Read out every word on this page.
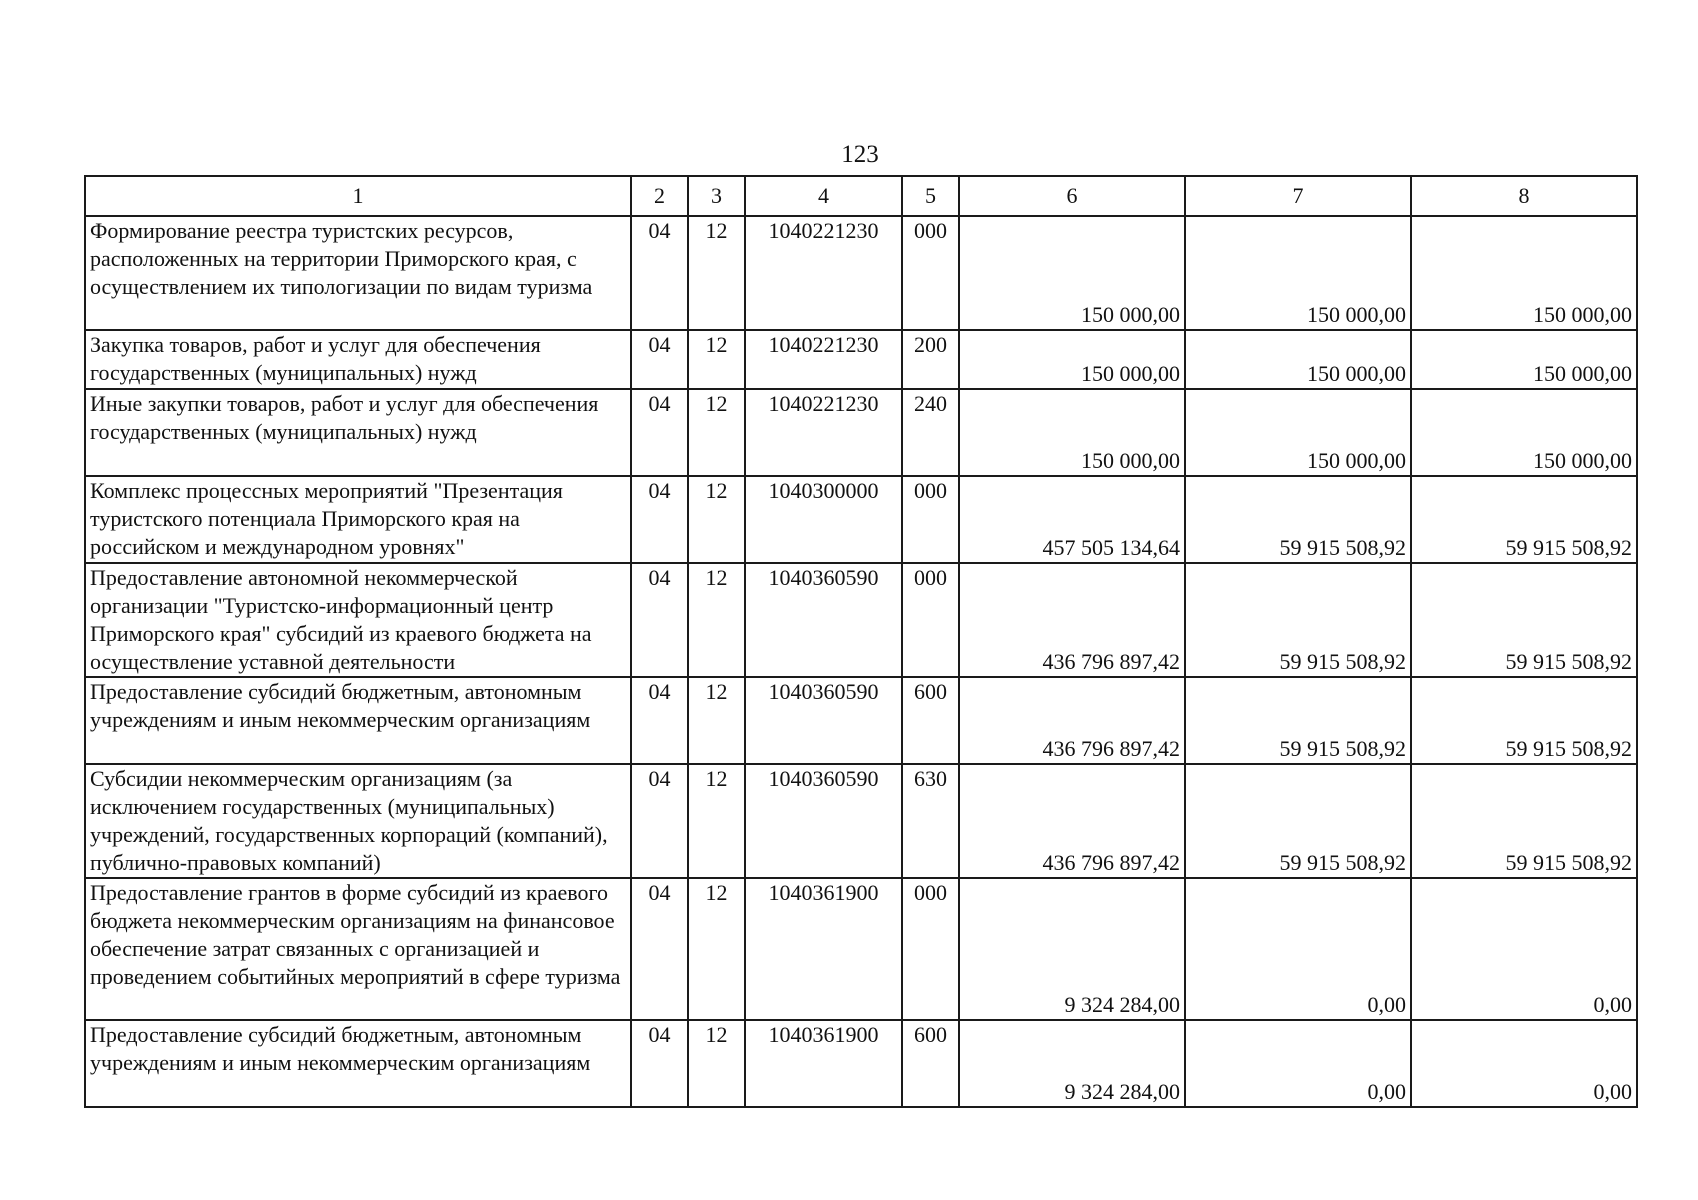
123
1	2	3	4	5	6	7	8
Формирование реестра туристских ресурсов, расположенных на территории Приморского края, с осуществлением их типологизации по видам туризма	04	12	1040221230	000	150 000,00	150 000,00	150 000,00
Закупка товаров, работ и услуг для обеспечения государственных (муниципальных) нужд	04	12	1040221230	200	150 000,00	150 000,00	150 000,00
Иные закупки товаров, работ и услуг для обеспечения государственных (муниципальных) нужд	04	12	1040221230	240	150 000,00	150 000,00	150 000,00
Комплекс процессных мероприятий "Презентация туристского потенциала Приморского края на российском и международном уровнях"	04	12	1040300000	000	457 505 134,64	59 915 508,92	59 915 508,92
Предоставление автономной некоммерческой организации "Туристско-информационный центр Приморского края" субсидий из краевого бюджета на осуществление уставной деятельности	04	12	1040360590	000	436 796 897,42	59 915 508,92	59 915 508,92
Предоставление субсидий бюджетным, автономным учреждениям и иным некоммерческим организациям	04	12	1040360590	600	436 796 897,42	59 915 508,92	59 915 508,92
Субсидии некоммерческим организациям (за исключением государственных (муниципальных) учреждений, государственных корпораций (компаний), публично-правовых компаний)	04	12	1040360590	630	436 796 897,42	59 915 508,92	59 915 508,92
Предоставление грантов в форме субсидий из краевого бюджета некоммерческим организациям на финансовое обеспечение затрат связанных с организацией и проведением событийных мероприятий в сфере туризма	04	12	1040361900	000	9 324 284,00	0,00	0,00
Предоставление субсидий бюджетным, автономным учреждениям и иным некоммерческим организациям	04	12	1040361900	600	9 324 284,00	0,00	0,00
